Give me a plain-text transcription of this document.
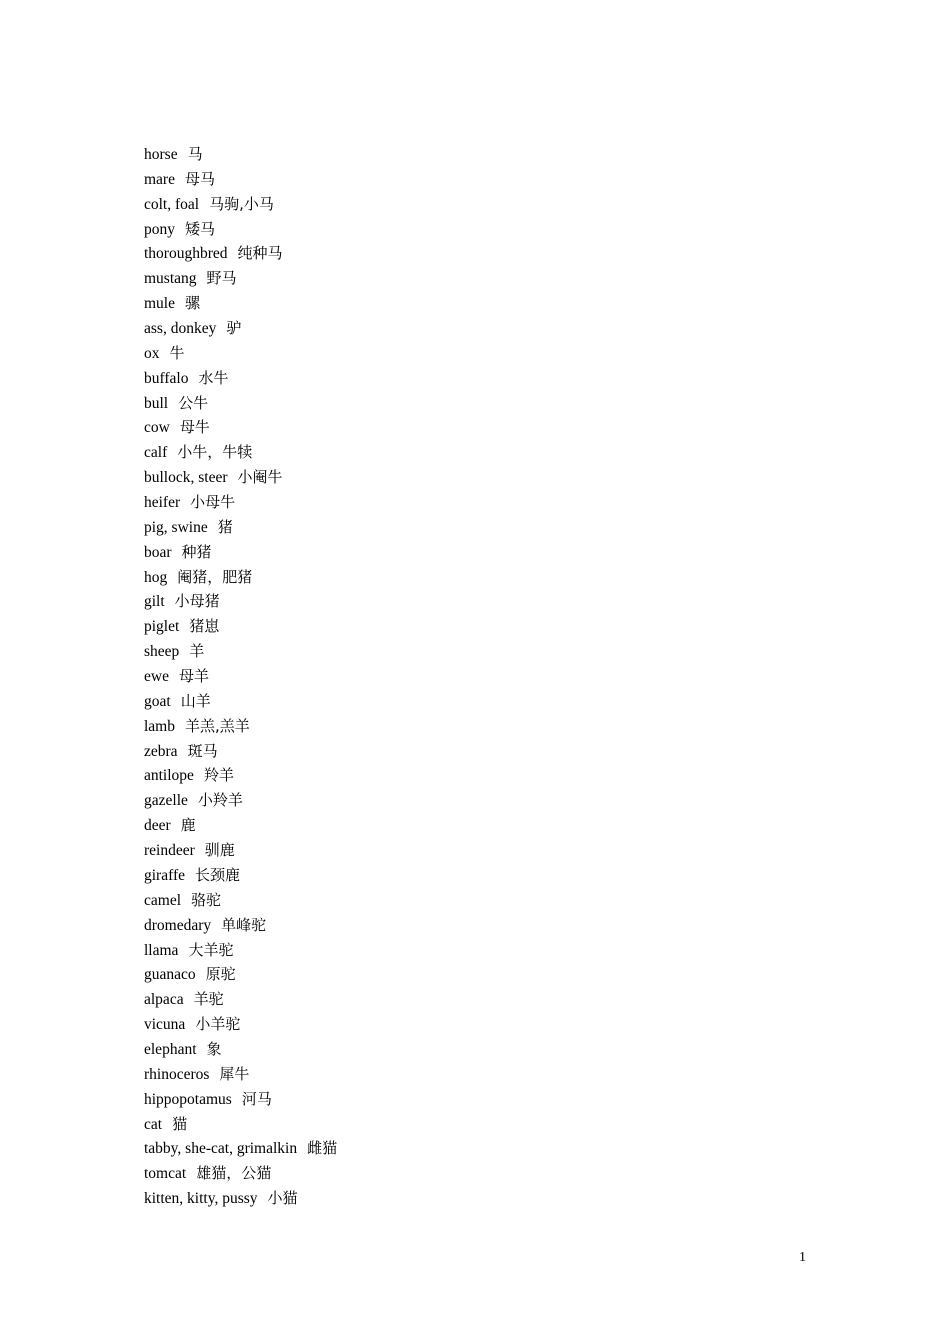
horse 马
mare 母马
colt, foal 马驹,小马
pony 矮马
thoroughbred 纯种马
mustang 野马
mule 骡
ass, donkey 驴
ox 牛
buffalo 水牛
bull 公牛
cow 母牛
calf 小牛，牛犊
bullock, steer 小阉牛
heifer 小母牛
pig, swine 猪
boar 种猪
hog 阉猪，肥猪
gilt 小母猪
piglet 猪崽
sheep 羊
ewe 母羊
goat 山羊
lamb 羊羔,羔羊
zebra 斑马
antilope 羚羊
gazelle 小羚羊
deer 鹿
reindeer 驯鹿
giraffe 长颈鹿
camel 骆驼
dromedary 单峰驼
llama 大羊驼
guanaco 原驼
alpaca 羊驼
vicuna 小羊驼
elephant 象
rhinoceros 犀牛
hippopotamus 河马
cat 猫
tabby, she-cat, grimalkin 雌猫
tomcat 雄猫，公猫
kitten, kitty, pussy 小猫
1
